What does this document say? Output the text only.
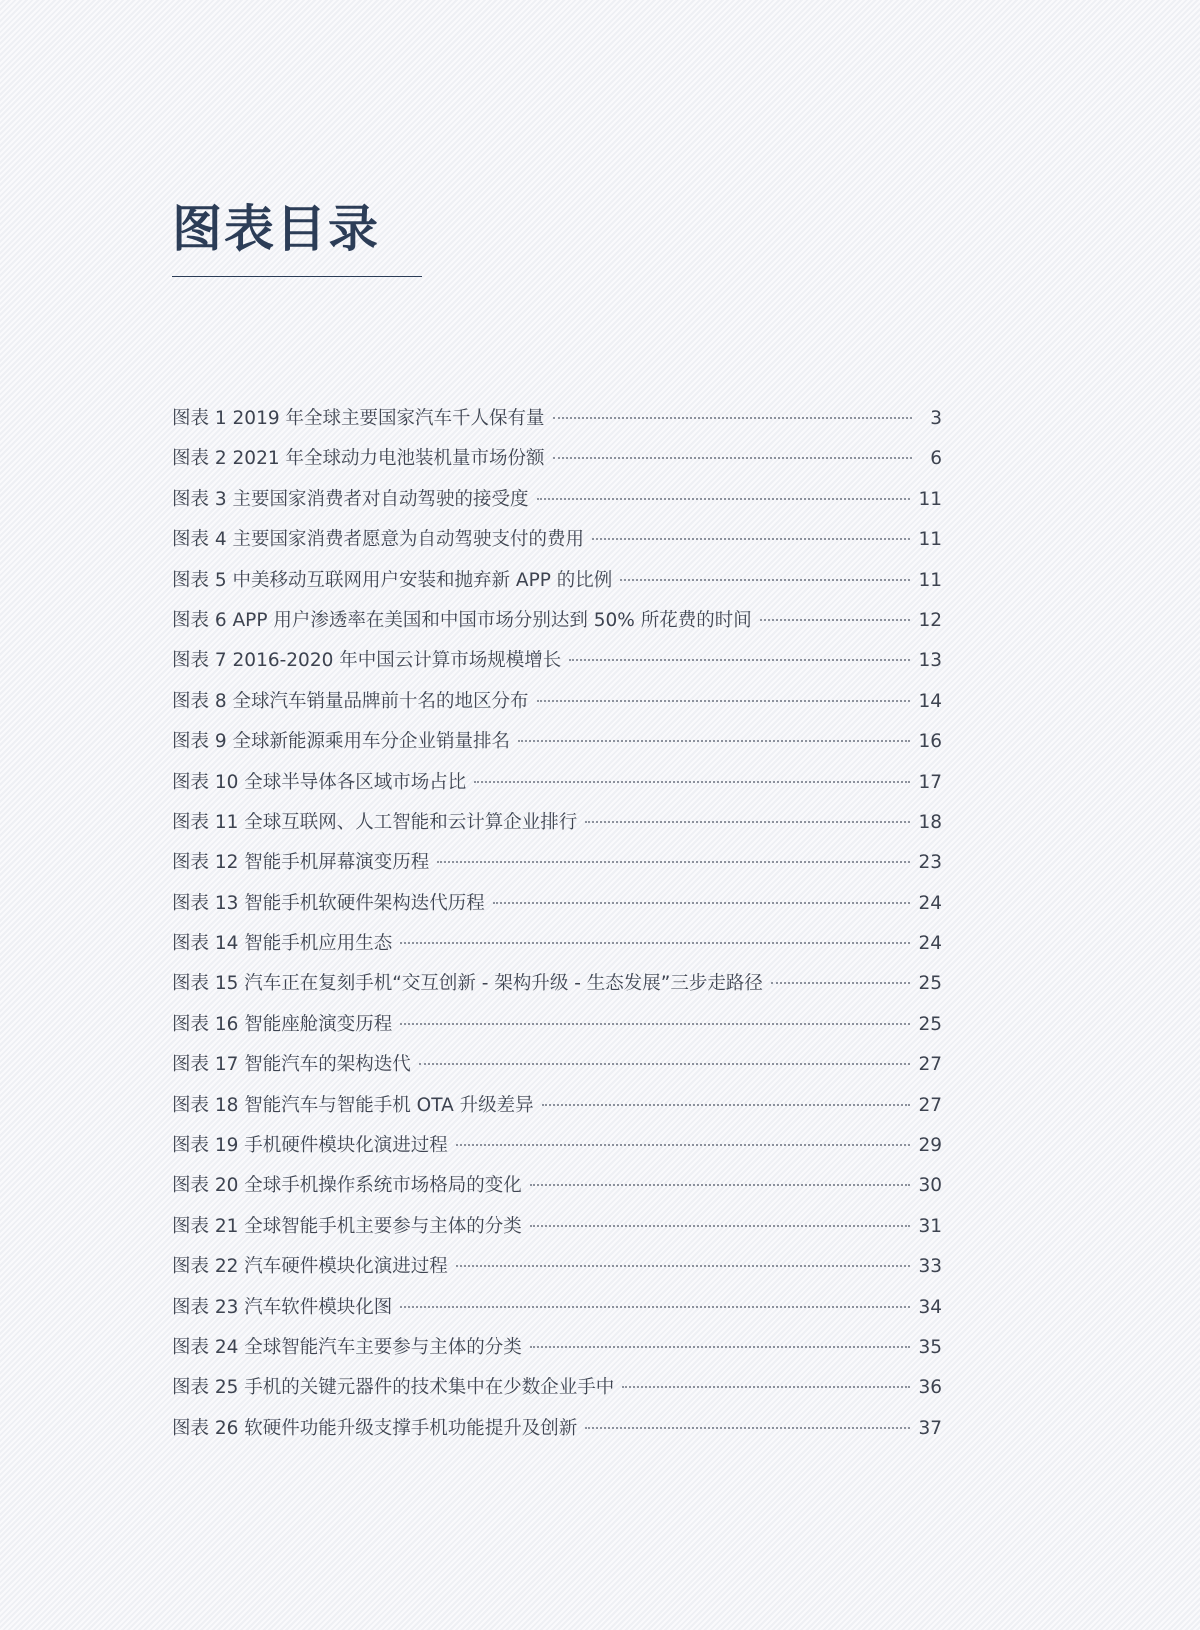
图表目录
图表 1 2019 年全球主要国家汽车千人保有量	3
图表 2 2021 年全球动力电池装机量市场份额	6
图表 3 主要国家消费者对自动驾驶的接受度	11
图表 4 主要国家消费者愿意为自动驾驶支付的费用	11
图表 5 中美移动互联网用户安装和抛弃新 APP 的比例	11
图表 6 APP 用户渗透率在美国和中国市场分别达到 50% 所花费的时间	12
图表 7 2016-2020 年中国云计算市场规模增长	13
图表 8 全球汽车销量品牌前十名的地区分布	14
图表 9 全球新能源乘用车分企业销量排名	16
图表 10 全球半导体各区域市场占比	17
图表 11 全球互联网、人工智能和云计算企业排行	18
图表 12 智能手机屏幕演变历程	23
图表 13 智能手机软硬件架构迭代历程	24
图表 14 智能手机应用生态	24
图表 15 汽车正在复刻手机“交互创新 - 架构升级 - 生态发展”三步走路径	25
图表 16 智能座舱演变历程	25
图表 17 智能汽车的架构迭代	27
图表 18 智能汽车与智能手机 OTA 升级差异	27
图表 19 手机硬件模块化演进过程	29
图表 20 全球手机操作系统市场格局的变化	30
图表 21 全球智能手机主要参与主体的分类	31
图表 22 汽车硬件模块化演进过程	33
图表 23 汽车软件模块化图	34
图表 24 全球智能汽车主要参与主体的分类	35
图表 25 手机的关键元器件的技术集中在少数企业手中	36
图表 26 软硬件功能升级支撑手机功能提升及创新	37
